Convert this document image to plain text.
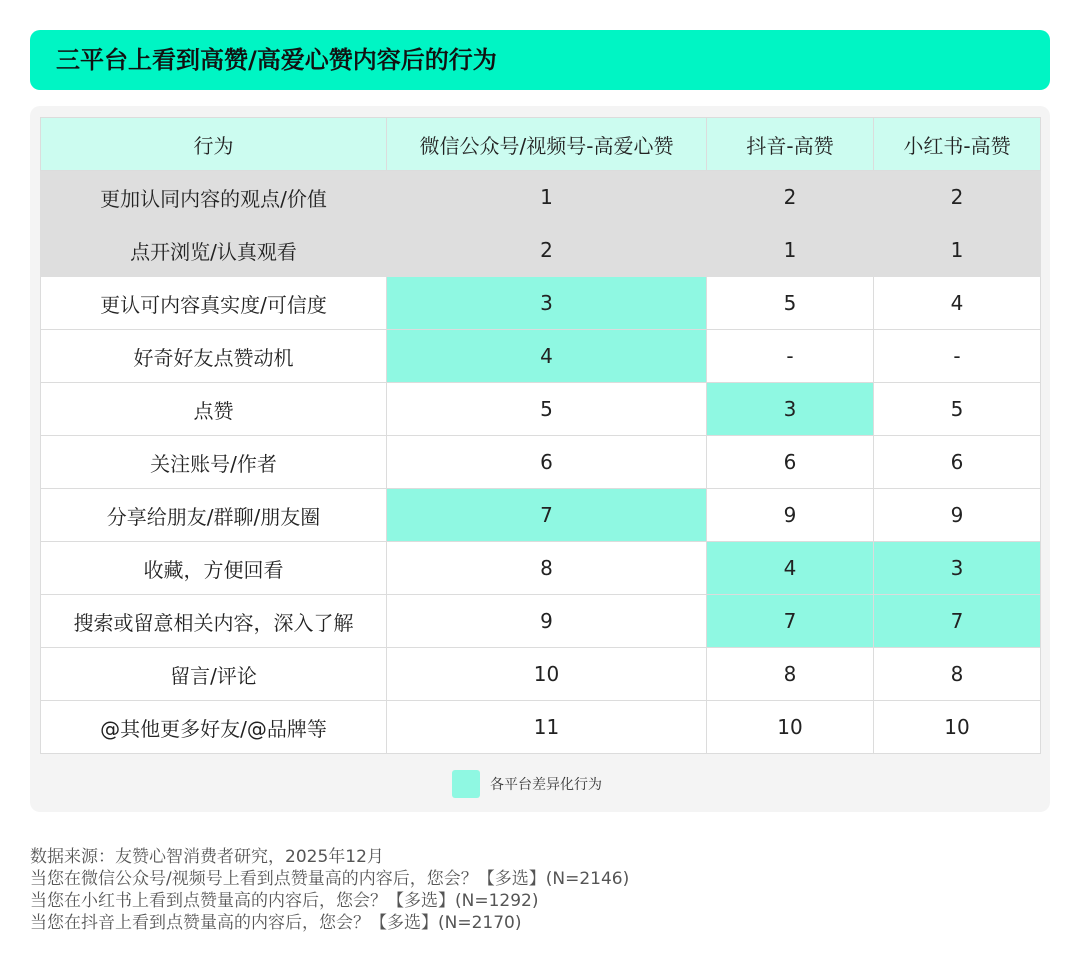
三平台上看到高赞/高爱心赞内容后的行为
行为	微信公众号/视频号-高爱心赞	抖音-高赞	小红书-高赞
更加认同内容的观点/价值	1	2	2
点开浏览/认真观看	2	1	1
更认可内容真实度/可信度	3	5	4
好奇好友点赞动机	4	-	-
点赞	5	3	5
关注账号/作者	6	6	6
分享给朋友/群聊/朋友圈	7	9	9
收藏，方便回看	8	4	3
搜索或留意相关内容，深入了解	9	7	7
留言/评论	10	8	8
@其他更多好友/@品牌等	11	10	10
各平台差异化行为
数据来源：友赞心智消费者研究，2025年12月
当您在微信公众号/视频号上看到点赞量高的内容后，您会？【多选】(N=2146)
当您在小红书上看到点赞量高的内容后，您会？【多选】(N=1292)
当您在抖音上看到点赞量高的内容后，您会？【多选】(N=2170)
